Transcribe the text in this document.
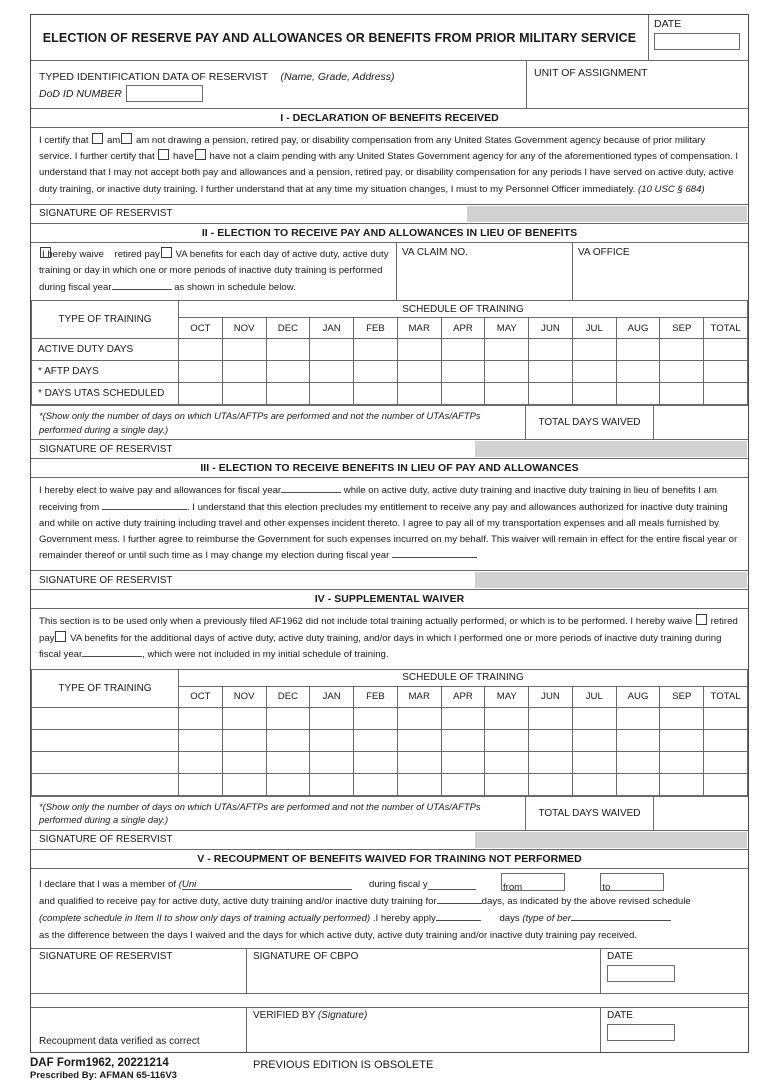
ELECTION OF RESERVE PAY AND ALLOWANCES OR BENEFITS FROM PRIOR MILITARY SERVICE
DATE
TYPED IDENTIFICATION DATA OF RESERVIST (Name, Grade, Address)
DoD ID NUMBER
UNIT OF ASSIGNMENT
I - DECLARATION OF BENEFITS RECEIVED

I certify that am am not drawing a pension, retired pay, or disability compensation from any United States Government agency because of prior military service. I further certify that have have not a claim pending with any United States Government agency for any of the aforementioned types of compensation. I understand that I may not accept both pay and allowances and a pension, retired pay, or disability compensation for any periods I have served on active duty, active duty training, or inactive duty training. I further understand that at any time my situation changes, I must to my Personnel Officer immediately. (10 USC § 684)

SIGNATURE OF RESERVIST
II - ELECTION TO RECEIVE PAY AND ALLOWANCES IN LIEU OF BENEFITS
I hereby waive retired pay VA benefits for each day of active duty, active duty training or day in which one or more periods of inactive duty training is performed during fiscal year	as shown in schedule below.
VA CLAIM NO.	VA OFFICE
TYPE OF TRAINING	SCHEDULE OF TRAINING												
	OCT	NOV	DEC	JAN	FEB	MAR	APR	MAY	JUN	JUL	AUG	SEP	TOTAL
ACTIVE DUTY DAYS													
* AFTP DAYS													
* DAYS UTAS SCHEDULED													
*(Show only the number of days on which UTAs/AFTPs are performed and not the number of UTAs/AFTPs performed during a single day.)
TOTAL DAYS WAIVED
SIGNATURE OF RESERVIST
III - ELECTION TO RECEIVE BENEFITS IN LIEU OF PAY AND ALLOWANCES

I hereby elect to waive pay and allowances for fiscal year	while on active duty, active duty training and inactive duty training in lieu of benefits I am receiving from	. I understand that this election precludes my entitlement to receive any pay and allowances authorized for inactive duty training and while on active duty training including travel and other expenses incident thereto. I agree to pay all of my transportation expenses and all meals furnished by Government mess. I further agree to reimburse the Government for such expenses incurred on my behalf. This waiver will remain in effect for the entire fiscal year or remainder thereof or until such time as I may change my election during fiscal year

SIGNATURE OF RESERVIST
IV - SUPPLEMENTAL WAIVER

This section is to be used only when a previously filed AF1962 did not include total training actually performed, or which is to be performed. I hereby waive retired pay VA benefits for the additional days of active duty, active duty training, and/or days in which I performed one or more periods of inactive duty training during fiscal year	, which were not included in my initial schedule of training.

TYPE OF TRAINING	SCHEDULE OF TRAINING												
	OCT	NOV	DEC	JAN	FEB	MAR	APR	MAY	JUN	JUL	AUG	SEP	TOTAL

*(Show only the number of days on which UTAs/AFTPs are performed and not the number of UTAs/AFTPs performed during a single day.)
TOTAL DAYS WAIVED
SIGNATURE OF RESERVIST
V - RECOUPMENT OF BENEFITS WAIVED FOR TRAINING NOT PERFORMED
I declare that I was a member of (Uni	during fiscal y	from
	to
and qualified to receive pay for active duty, active duty training and/or inactive duty training for	days, as indicated by the above revised schedule
(complete schedule in Item II to show only days of training actually performed) .I hereby apply	days (type of ber
as the difference between the days I waived and the days for which active duty, active duty training and/or inactive duty training pay received.
SIGNATURE OF RESERVIST	SIGNATURE OF CBPO	DATE
Recoupment data verified as correct
VERIFIED BY (Signature)	DATE
DAF Form1962, 20221214
Prescribed By: AFMAN 65-116V3
PREVIOUS EDITION IS OBSOLETE
